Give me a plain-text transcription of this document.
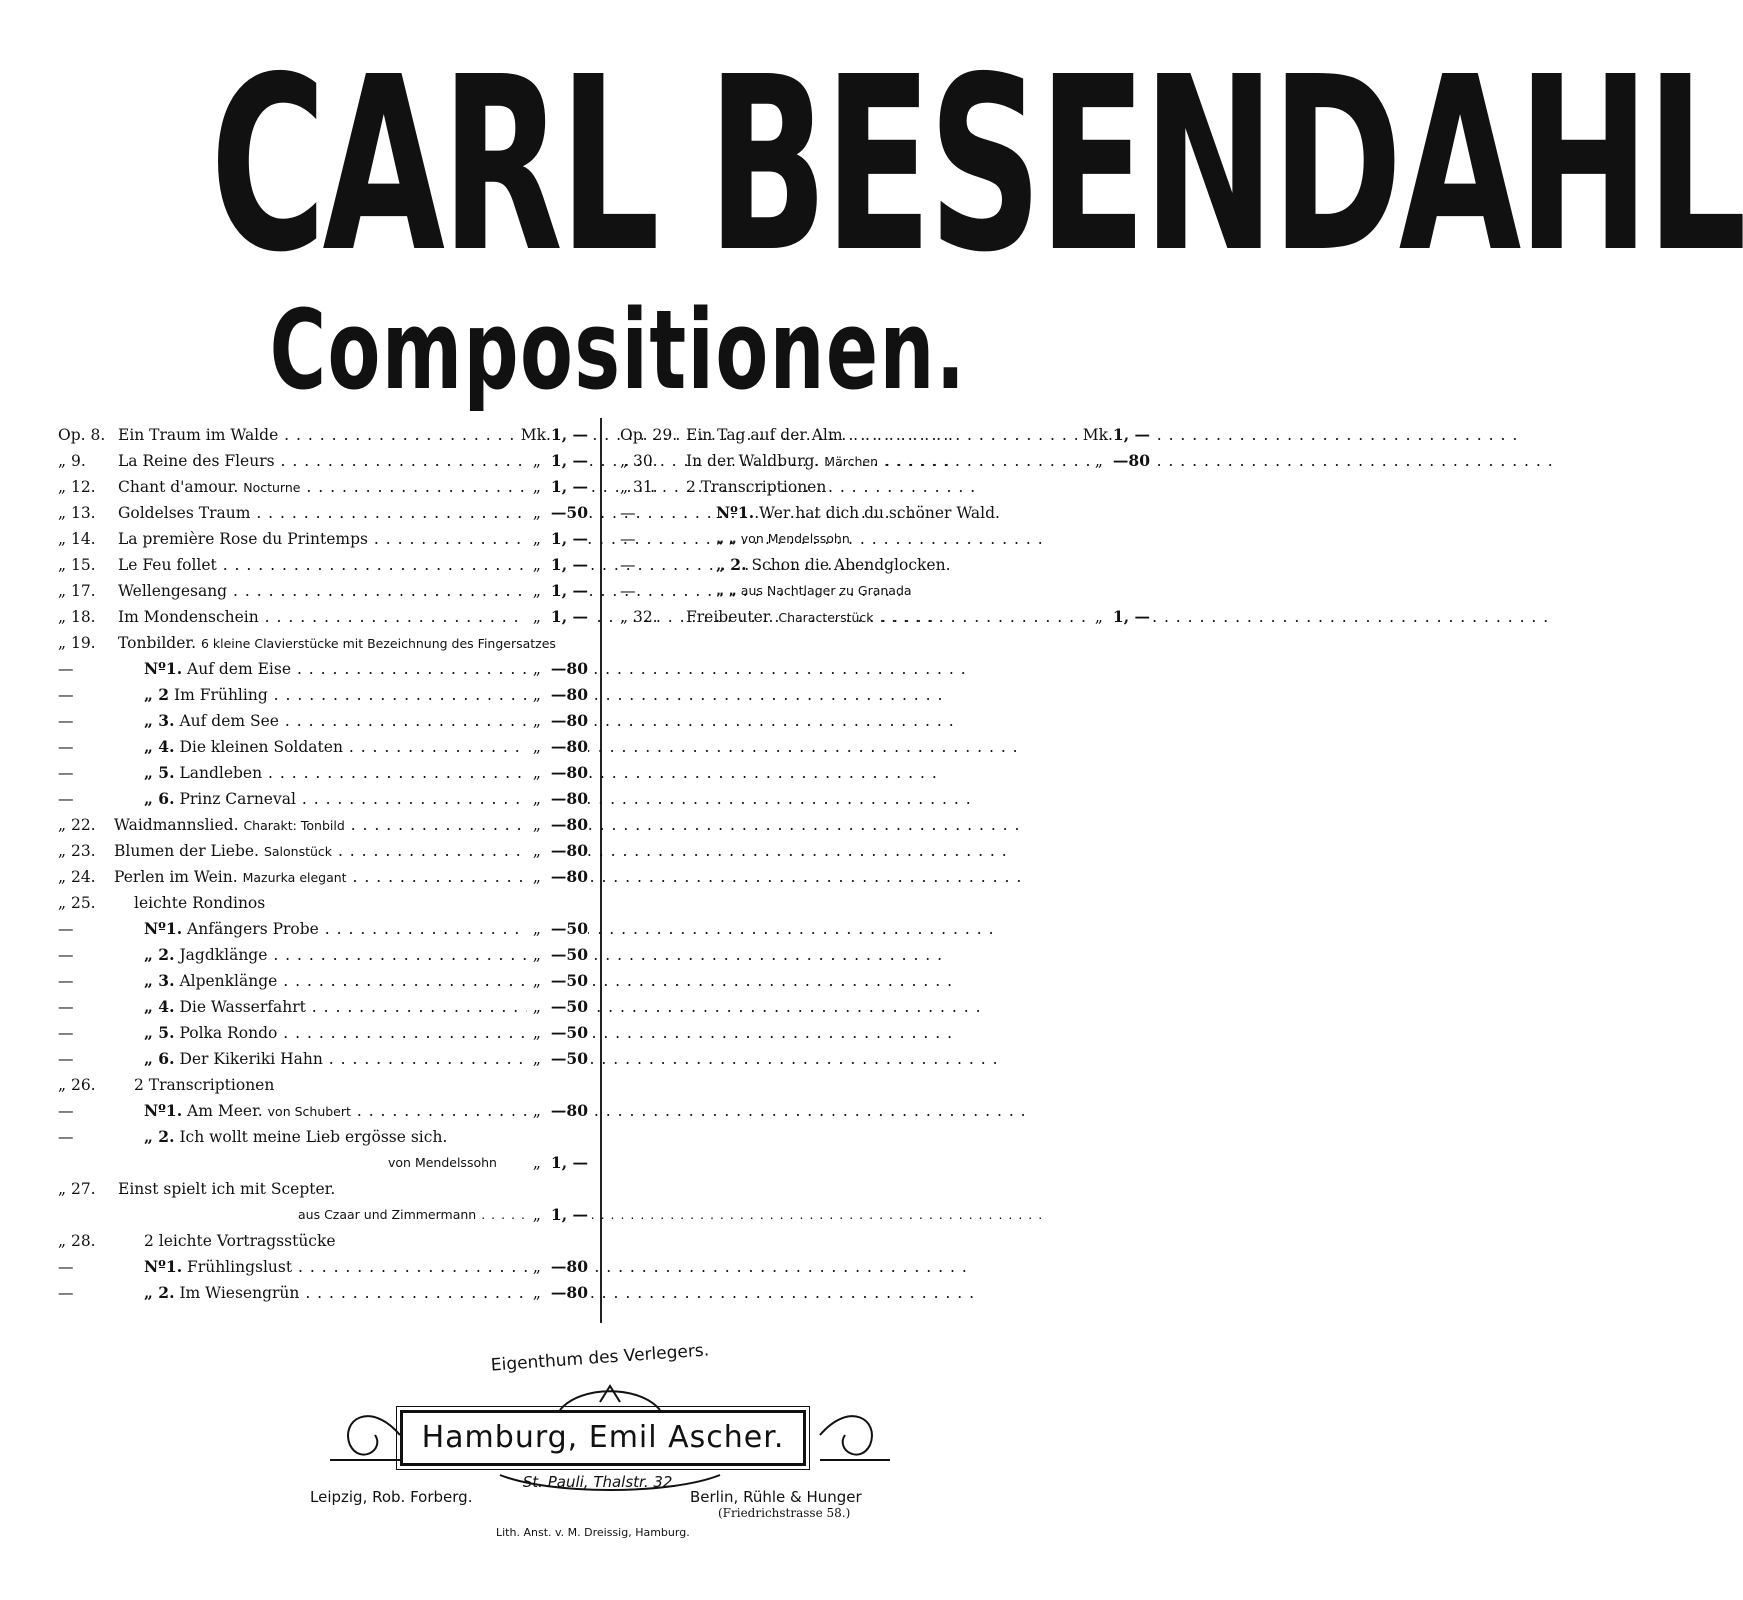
CARL BESENDAHL
Compositionen.
Op. 8. Ein Traum im Walde . . .	Mk.1, —
„ 9. La Reine des Fleurs . . .	„ 1, —
„ 12. Chant d'amour. Nocturne . . .	„ 1, —
„ 13. Goldelses Traum . . .	„ —50
„ 14. La première Rose du Printemps . . .	„ 1, —
„ 15. Le Feu follet . . .	„ 1, —
„ 17. Wellengesang . . .	„ 1, —
„ 18. Im Mondenschein . . .	„ 1, —
„ 19. Tonbilder. 6 kleine Clavierstücke mit Bezeichnung des Fingersatzes
—	Nº1. Auf dem Eise . . .	„ —80
—	„ 2 Im Frühling . . .	„ —80
—	„ 3. Auf dem See . . .	„ —80
—	„ 4. Die kleinen Soldaten . . .	„ —80
—	„ 5. Landleben . . .	„ —80
—	„ 6. Prinz Carneval . . .	„ —80
„ 22. Waidmannslied. Charakt: Tonbild . . .	„ —80
„ 23. Blumen der Liebe. Salonstück . . .	„ —80
„ 24. Perlen im Wein. Mazurka elegant . . .	„ —80
„ 25. leichte Rondinos
—	Nº1. Anfängers Probe . . .	„ —50
—	„ 2. Jagdklänge . . .	„ —50
—	„ 3. Alpenklänge . . .	„ —50
—	„ 4. Die Wasserfahrt . . .	„ —50
—	„ 5. Polka Rondo . . .	„ —50
—	„ 6. Der Kikeriki Hahn . . .	„ —50
„ 26. 2 Transcriptionen
—	Nº1. Am Meer. von Schubert . . .	„ —80
—	„ 2. Ich wollt meine Lieb ergösse sich.
von Mendelssohn	„ 1, —
„ 27. Einst spielt ich mit Scepter.
aus Czaar und Zimmermann . . .	„ 1, —
„ 28.	2 leichte Vortragsstücke
—	Nº1. Frühlingslust . . .	„ —80
—	„ 2. Im Wiesengrün . . .	„ —80
Op. 29. Ein Tag auf der Alm . . .	Mk.1, —
„ 30. In der Waldburg. Märchen . . .	„ —80
„ 31. 2 Transcriptionen
—	Nº1. Wer hat dich du schöner Wald.
—	„ „ von Mendelssohn
—	„ 2. Schon die Abendglocken.
—	„ „ aus Nachtlager zu Granada
„ 32. Freibeuter. Characterstück . . .	„ 1, —
Eigenthum des Verlegers.
Hamburg, Emil Ascher.
St. Pauli, Thalstr. 32.
Leipzig, Rob. Forberg.	Berlin, Rühle & Hunger
(Friedrichstrasse 58.)
Lith. Anst. v. M. Dreissig, Hamburg.
